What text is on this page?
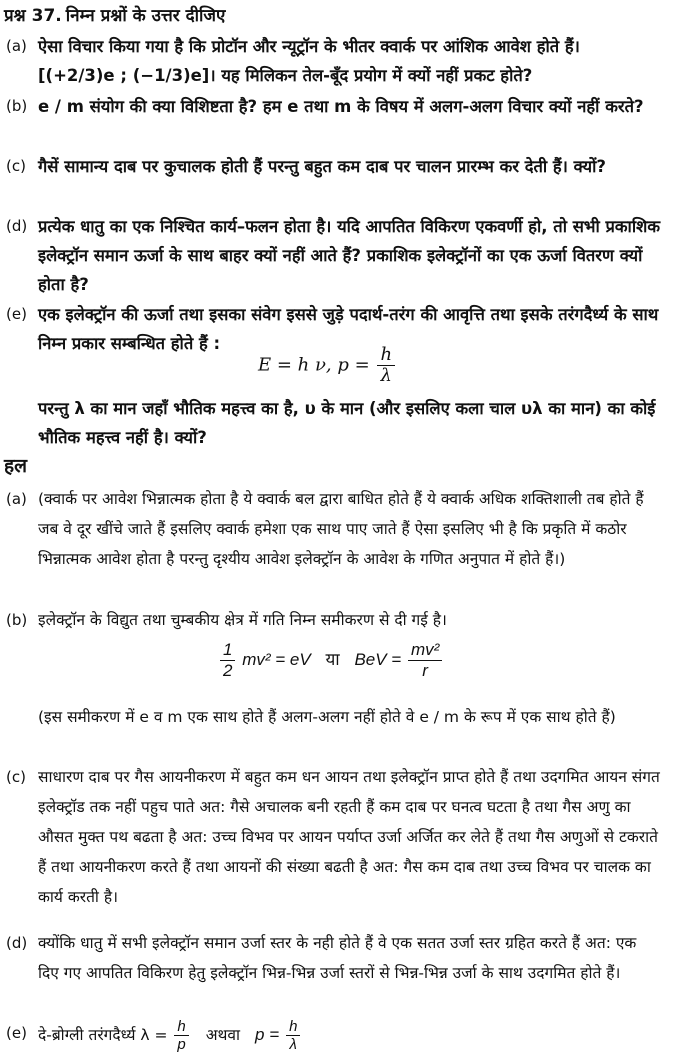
प्रश्न 37. निम्न प्रश्नों के उत्तर दीजिए
(a) ऐसा विचार किया गया है कि प्रोटॉन और न्यूट्रॉन के भीतर क्वार्क पर आंशिक आवेश होते हैं। [(+2/3)e ; (−1/3)e]। यह मिलिकन तेल-बूँद प्रयोग में क्यों नहीं प्रकट होते?
(b) e / m संयोग की क्या विशिष्टता है? हम e तथा m के विषय में अलग-अलग विचार क्यों नहीं करते?
(c) गैसें सामान्य दाब पर कुचालक होती हैं परन्तु बहुत कम दाब पर चालन प्रारम्भ कर देती हैं। क्यों?
(d) प्रत्येक धातु का एक निश्चित कार्य–फलन होता है। यदि आपतित विकिरण एकवर्णी हो, तो सभी प्रकाशिक इलेक्ट्रॉन समान ऊर्जा के साथ बाहर क्यों नहीं आते हैं? प्रकाशिक इलेक्ट्रॉनों का एक ऊर्जा वितरण क्यों होता है?
(e) एक इलेक्ट्रॉन की ऊर्जा तथा इसका संवेग इससे जुड़े पदार्थ-तरंग की आवृत्ति तथा इसके तरंगदैर्ध्य के साथ निम्न प्रकार सम्बन्धित होते हैं :
E = h ν, $p = \frac{h}{\lambda}$
परन्तु λ का मान जहाँ भौतिक महत्त्व का है, υ के मान (और इसलिए कला चाल υλ का मान) का कोई भौतिक महत्त्व नहीं है। क्यों?
हल
(a) (क्वार्क पर आवेश भिन्नात्मक होता है ये क्वार्क बल द्वारा बाधित होते हैं ये क्वार्क अधिक शक्तिशाली तब होते हैं जब वे दूर खींचे जाते हैं इसलिए क्वार्क हमेशा एक साथ पाए जाते हैं ऐसा इसलिए भी है कि प्रकृति में कठोर भिन्नात्मक आवेश होता है परन्तु दृश्यीय आवेश इलेक्ट्रॉन के आवेश के गणित अनुपात में होते हैं।)
(b) इलेक्ट्रॉन के विद्युत तथा चुम्बकीय क्षेत्र में गति निम्न समीकरण से दी गई है।
$\frac{1}{2} mv^2$ = eV या BeV = $\frac{\text{mv²}}{r}$
(इस समीकरण में e व m एक साथ होते हैं अलग-अलग नहीं होते वे e / m के रूप में एक साथ होते हैं)
(c) साधारण दाब पर गैस आयनीकरण में बहुत कम धन आयन तथा इलेक्ट्रॉन प्राप्त होते हैं तथा उदगमित आयन संगत इलेक्ट्रॉड तक नहीं पहुच पाते अत: गैसे अचालक बनी रहती हैं कम दाब पर घनत्व घटता है तथा गैस अणु का औसत मुक्त पथ बढता है अत: उच्च विभव पर आयन पर्याप्त उर्जा अर्जित कर लेते हैं तथा गैस अणुओं से टकराते हैं तथा आयनीकरण करते हैं तथा आयनों की संख्या बढती है अत: गैस कम दाब तथा उच्च विभव पर चालक का कार्य करती है।
(d) क्योंकि धातु में सभी इलेक्ट्रॉन समान उर्जा स्तर के नही होते हैं वे एक सतत उर्जा स्तर ग्रहित करते हैं अत: एक दिए गए आपतित विकिरण हेतु इलेक्ट्रॉन भिन्न-भिन्न उर्जा स्तरों से भिन्न-भिन्न उर्जा के साथ उदगमित होते हैं।
(e) दे-ब्रोग्ली तरंगदैर्ध्य $\lambda = \frac{h}{p}$ अथवा $p = \frac{h}{\lambda}$
